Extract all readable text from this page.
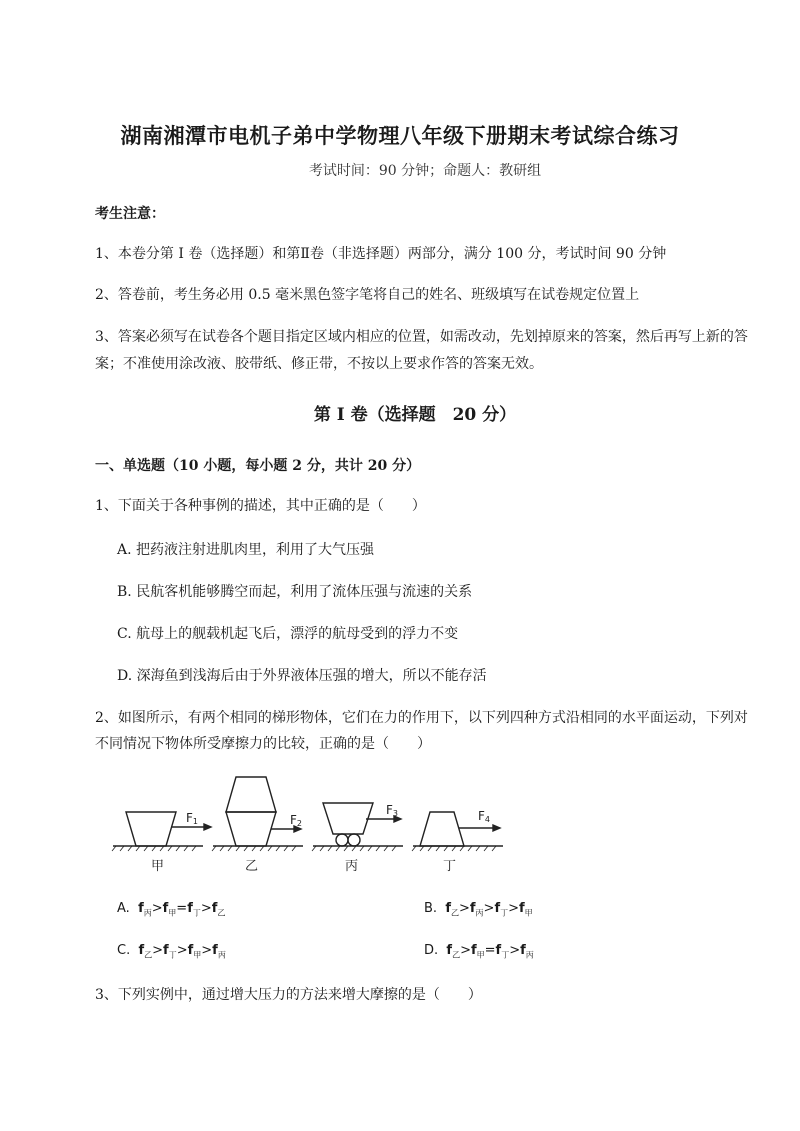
湖南湘潭市电机子弟中学物理八年级下册期末考试综合练习
考试时间：90 分钟；命题人：教研组
考生注意：
1、本卷分第 I 卷（选择题）和第Ⅱ卷（非选择题）两部分，满分 100 分，考试时间 90 分钟
2、答卷前，考生务必用 0.5 毫米黑色签字笔将自己的姓名、班级填写在试卷规定位置上
3、答案必须写在试卷各个题目指定区域内相应的位置，如需改动，先划掉原来的答案，然后再写上新的答案；不准使用涂改液、胶带纸、修正带，不按以上要求作答的答案无效。
第 I 卷（选择题　20 分）
一、单选题（10 小题，每小题 2 分，共计 20 分）
1、下面关于各种事例的描述，其中正确的是（　　）
A. 把药液注射进肌肉里，利用了大气压强
B. 民航客机能够腾空而起，利用了流体压强与流速的关系
C. 航母上的舰载机起飞后，漂浮的航母受到的浮力不变
D. 深海鱼到浅海后由于外界液体压强的增大，所以不能存活
2、如图所示，有两个相同的梯形物体，它们在力的作用下，以下列四种方式沿相同的水平面运动，下列对不同情况下物体所受摩擦力的比较，正确的是（　　）
F1	F2
F3	F4
甲	乙	丙	丁
A. $f_丙>f_甲=f_丁>f_乙$	B. $f_乙>f_丙>f_丁>f_甲$
C. $f_乙>f_丁>f_甲>f_丙$	D. $f_乙>f_甲=f_丁>f_丙$
3、下列实例中，通过增大压力的方法来增大摩擦的是（　　）
